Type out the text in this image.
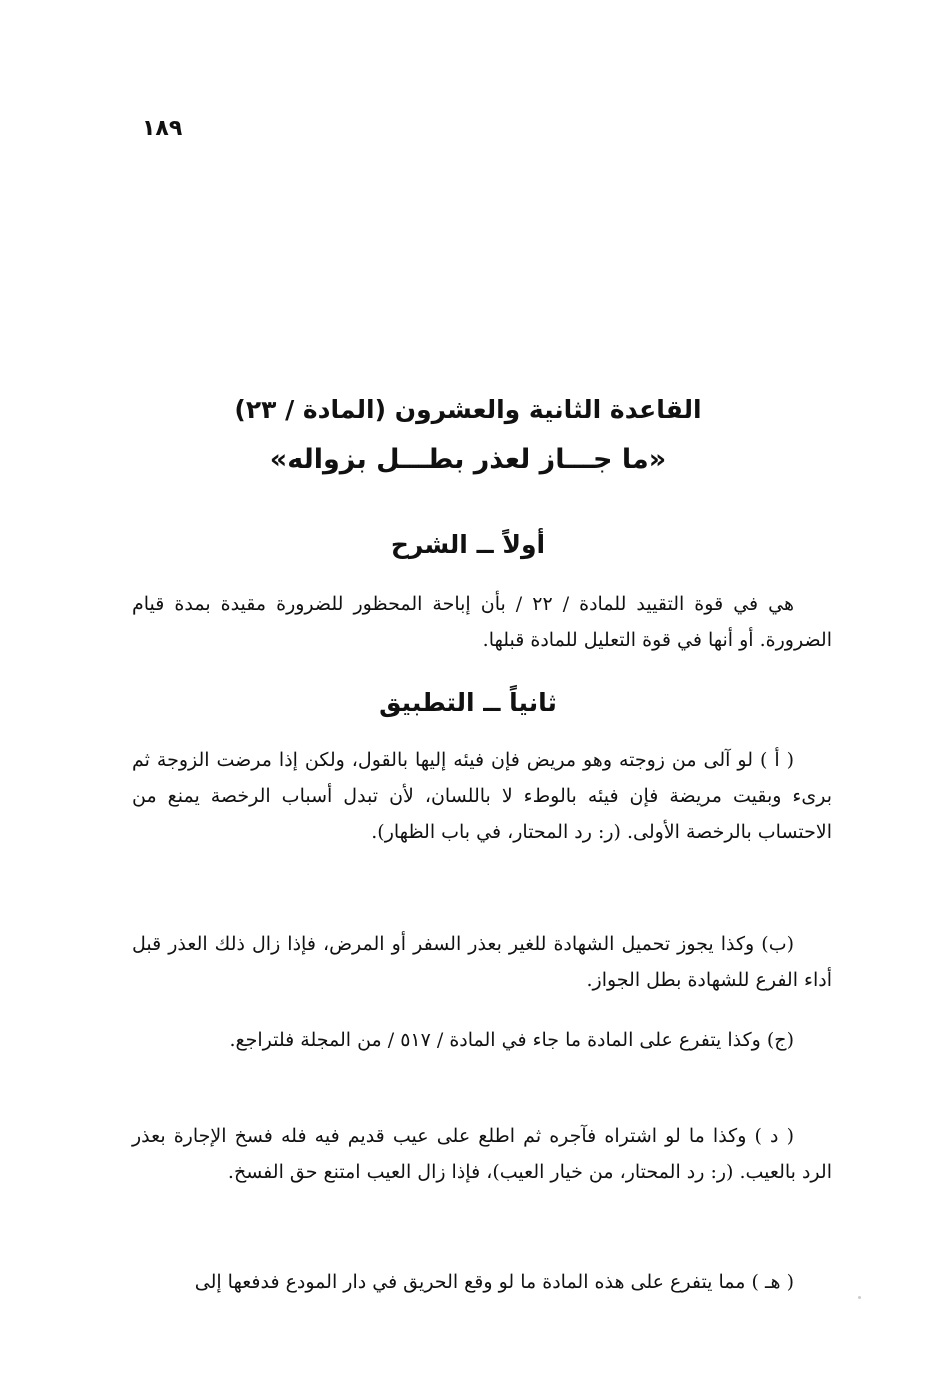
١٨٩
القاعدة الثانية والعشرون (المادة / ٢٣)
«ما جـــاز لعذر بطـــل بزواله»
أولاً ــ الشرح

هي في قوة التقييد للمادة / ٢٢ / بأن إباحة المحظور للضرورة مقيدة بمدة قيام الضرورة. أو أنها في قوة التعليل للمادة قبلها.

ثانياً ــ التطبيق

( أ ) لو آلى من زوجته وهو مريض فإن فيئه إليها بالقول، ولكن إذا مرضت الزوجة ثم برىء وبقيت مريضة فإن فيئه بالوطء لا باللسان، لأن تبدل أسباب الرخصة يمنع من الاحتساب بالرخصة الأولى. (ر: رد المحتار، في باب الظهار).

(ب) وكذا يجوز تحميل الشهادة للغير بعذر السفر أو المرض، فإذا زال ذلك العذر قبل أداء الفرع للشهادة بطل الجواز.

(ج) وكذا يتفرع على المادة ما جاء في المادة / ٥١٧ / من المجلة فلتراجع.

( د ) وكذا ما لو اشتراه فآجره ثم اطلع على عيب قديم فيه فله فسخ الإجارة بعذر الرد بالعيب. (ر: رد المحتار، من خيار العيب)، فإذا زال العيب امتنع حق الفسخ.

( هـ ) مما يتفرع على هذه المادة ما لو وقع الحريق في دار المودع فدفعها إلى
